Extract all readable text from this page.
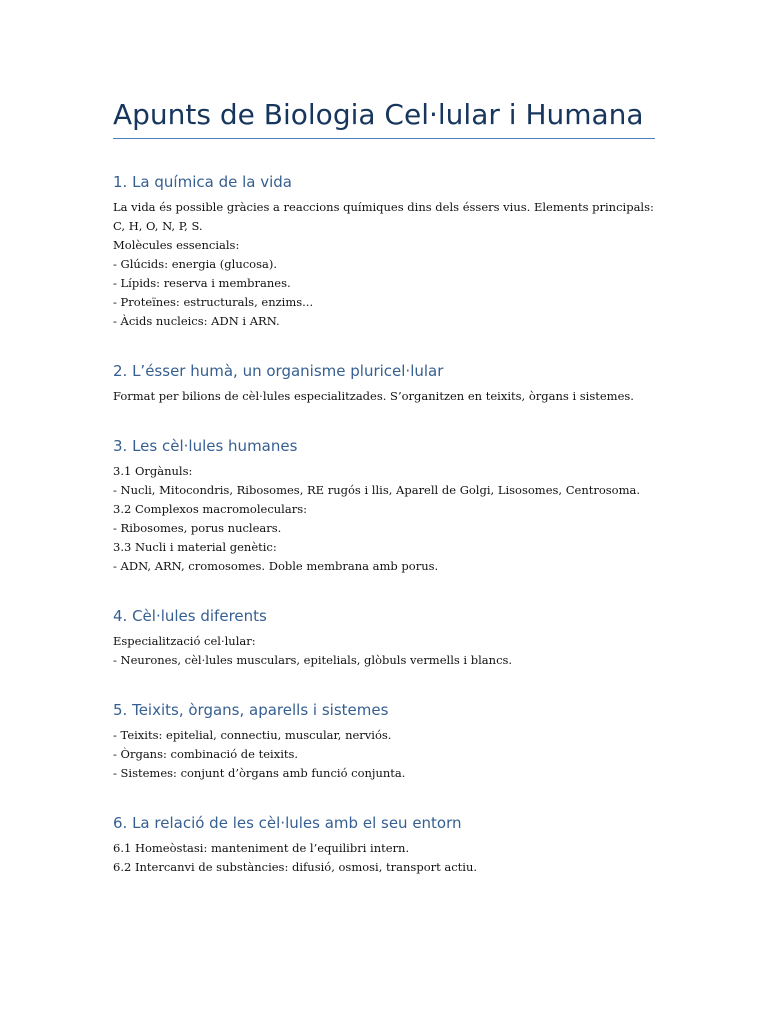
Apunts de Biologia Cel·lular i Humana
1. La química de la vida

La vida és possible gràcies a reaccions químiques dins dels éssers vius. Elements principals:

C, H, O, N, P, S.

Molècules essencials:

- Glúcids: energia (glucosa).

- Lípids: reserva i membranes.

- Proteïnes: estructurals, enzims...

- Àcids nucleics: ADN i ARN.

2. L’ésser humà, un organisme pluricel·lular

Format per bilions de cèl·lules especialitzades. S’organitzen en teixits, òrgans i sistemes.

3. Les cèl·lules humanes

3.1 Orgànuls:

- Nucli, Mitocondris, Ribosomes, RE rugós i llis, Aparell de Golgi, Lisosomes, Centrosoma.

3.2 Complexos macromoleculars:

- Ribosomes, porus nuclears.

3.3 Nucli i material genètic:

- ADN, ARN, cromosomes. Doble membrana amb porus.

4. Cèl·lules diferents

Especialització cel·lular:

- Neurones, cèl·lules musculars, epitelials, glòbuls vermells i blancs.

5. Teixits, òrgans, aparells i sistemes

- Teixits: epitelial, connectiu, muscular, nerviós.

- Òrgans: combinació de teixits.

- Sistemes: conjunt d’òrgans amb funció conjunta.

6. La relació de les cèl·lules amb el seu entorn

6.1 Homeòstasi: manteniment de l’equilibri intern.

6.2 Intercanvi de substàncies: difusió, osmosi, transport actiu.
